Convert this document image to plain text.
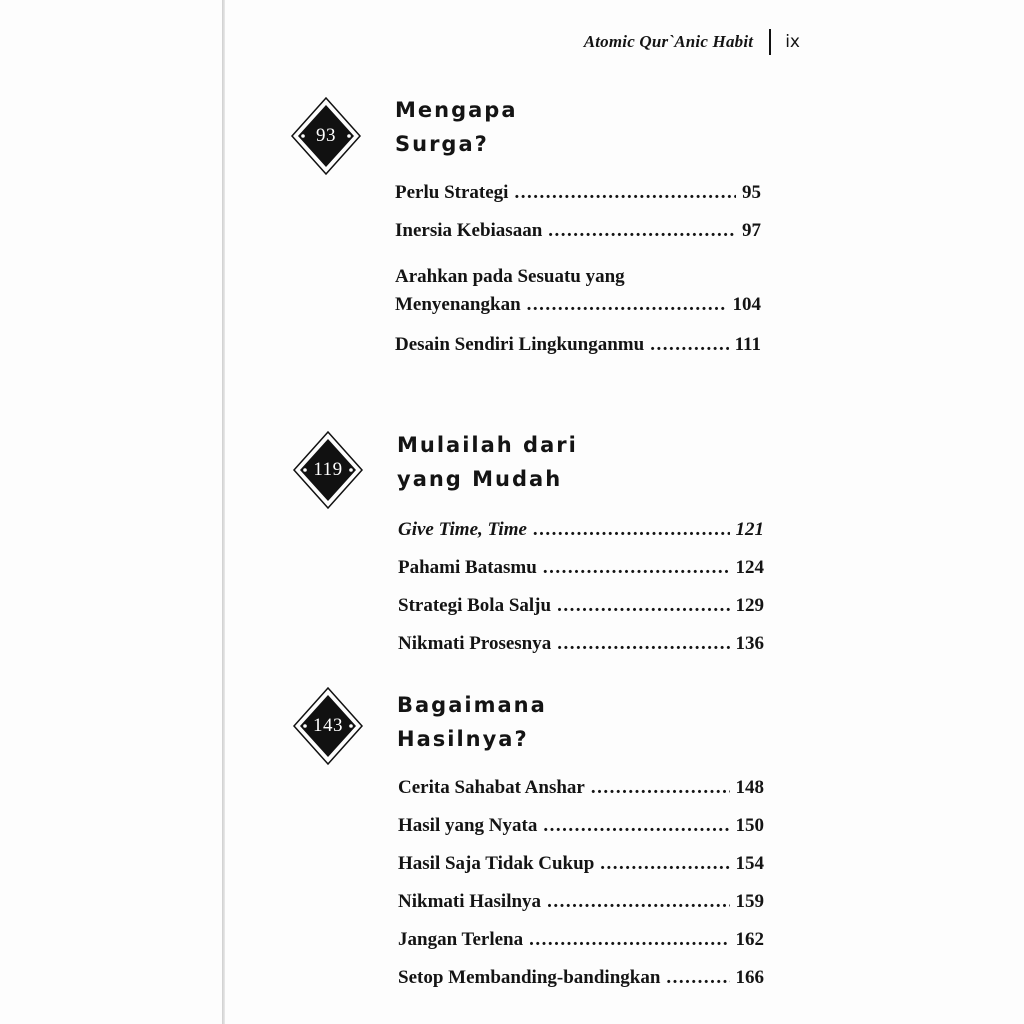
Atomic Qur`Anic Habit ix
93
Mengapa
Surga?
Perlu Strategi .....	95
Inersia Kebiasaan .....	97
Arahkan pada Sesuatu yang
Menyenangkan .....	104
Desain Sendiri Lingkunganmu .....	111
119
Mulailah dari
yang Mudah
Give Time, Time .....	121
Pahami Batasmu .....	124
Strategi Bola Salju .....	129
Nikmati Prosesnya .....	136
143
Bagaimana
Hasilnya?
Cerita Sahabat Anshar .....	148
Hasil yang Nyata .....	150
Hasil Saja Tidak Cukup .....	154
Nikmati Hasilnya .....	159
Jangan Terlena .....	162
Setop Membanding-bandingkan .....	166
